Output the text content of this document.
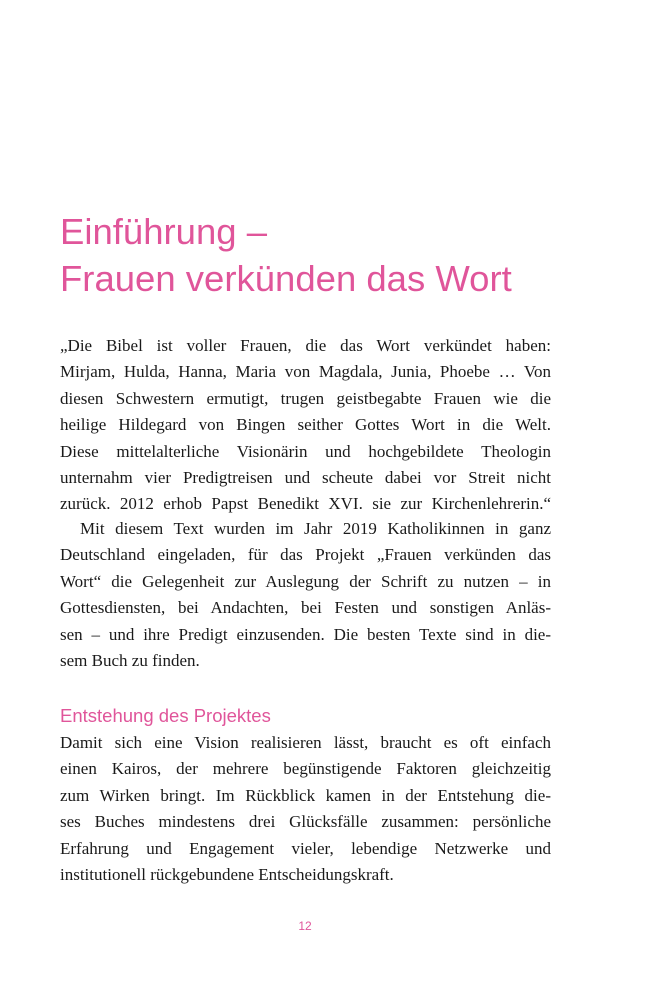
Einführung –
Frauen verkünden das Wort
„Die Bibel ist voller Frauen, die das Wort verkündet haben:
Mirjam, Hulda, Hanna, Maria von Magdala, Junia, Phoebe … Von
diesen Schwestern ermutigt, trugen geistbegabte Frauen wie die
heilige Hildegard von Bingen seither Gottes Wort in die Welt.
Diese mittelalterliche Visionärin und hochgebildete Theologin
unternahm vier Predigtreisen und scheute dabei vor Streit nicht
zurück. 2012 erhob Papst Benedikt XVI. sie zur Kirchenlehrerin.“
Mit diesem Text wurden im Jahr 2019 Katholikinnen in ganz
Deutschland eingeladen, für das Projekt „Frauen verkünden das
Wort“ die Gelegenheit zur Auslegung der Schrift zu nutzen – in
Gottesdiensten, bei Andachten, bei Festen und sonstigen Anläs-
sen – und ihre Predigt einzusenden. Die besten Texte sind in die-
sem Buch zu finden.
Entstehung des Projektes
Damit sich eine Vision realisieren lässt, braucht es oft einfach
einen Kairos, der mehrere begünstigende Faktoren gleichzeitig
zum Wirken bringt. Im Rückblick kamen in der Entstehung die-
ses Buches mindestens drei Glücksfälle zusammen: persönliche
Erfahrung und Engagement vieler, lebendige Netzwerke und
institutionell rückgebundene Entscheidungskraft.
12
